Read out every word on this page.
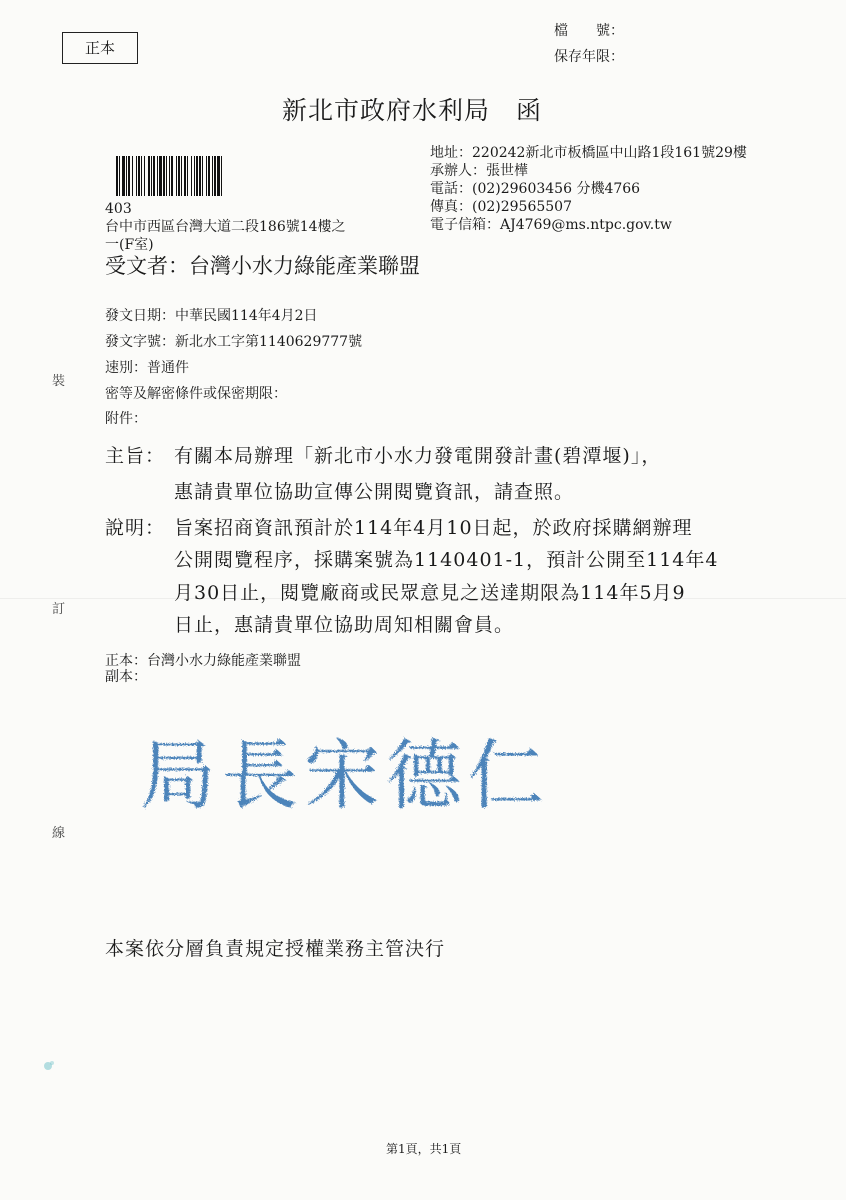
正本
檔　　號：
保存年限：
新北市政府水利局　函
地址：220242新北市板橋區中山路1段161號29樓
承辦人：張世樺
電話：(02)29603456 分機4766
傳真：(02)29565507
電子信箱：AJ4769@ms.ntpc.gov.tw
403
台中市西區台灣大道二段186號14樓之
一(F室)
受文者：台灣小水力綠能產業聯盟
發文日期：中華民國114年4月2日
發文字號：新北水工字第1140629777號
速別：普通件
密等及解密條件或保密期限：
附件：
主旨： 有關本局辦理「新北市小水力發電開發計畫(碧潭堰)」，
惠請貴單位協助宣傳公開閱覽資訊，請查照。
說明： 旨案招商資訊預計於114年4月10日起，於政府採購網辦理
公開閱覽程序，採購案號為1140401-1，預計公開至114年4
月30日止，閱覽廠商或民眾意見之送達期限為114年5月9
日止，惠請貴單位協助周知相關會員。
正本：台灣小水力綠能產業聯盟
副本：
裝
訂
線
局長宋德仁
本案依分層負責規定授權業務主管決行
第1頁，共1頁
